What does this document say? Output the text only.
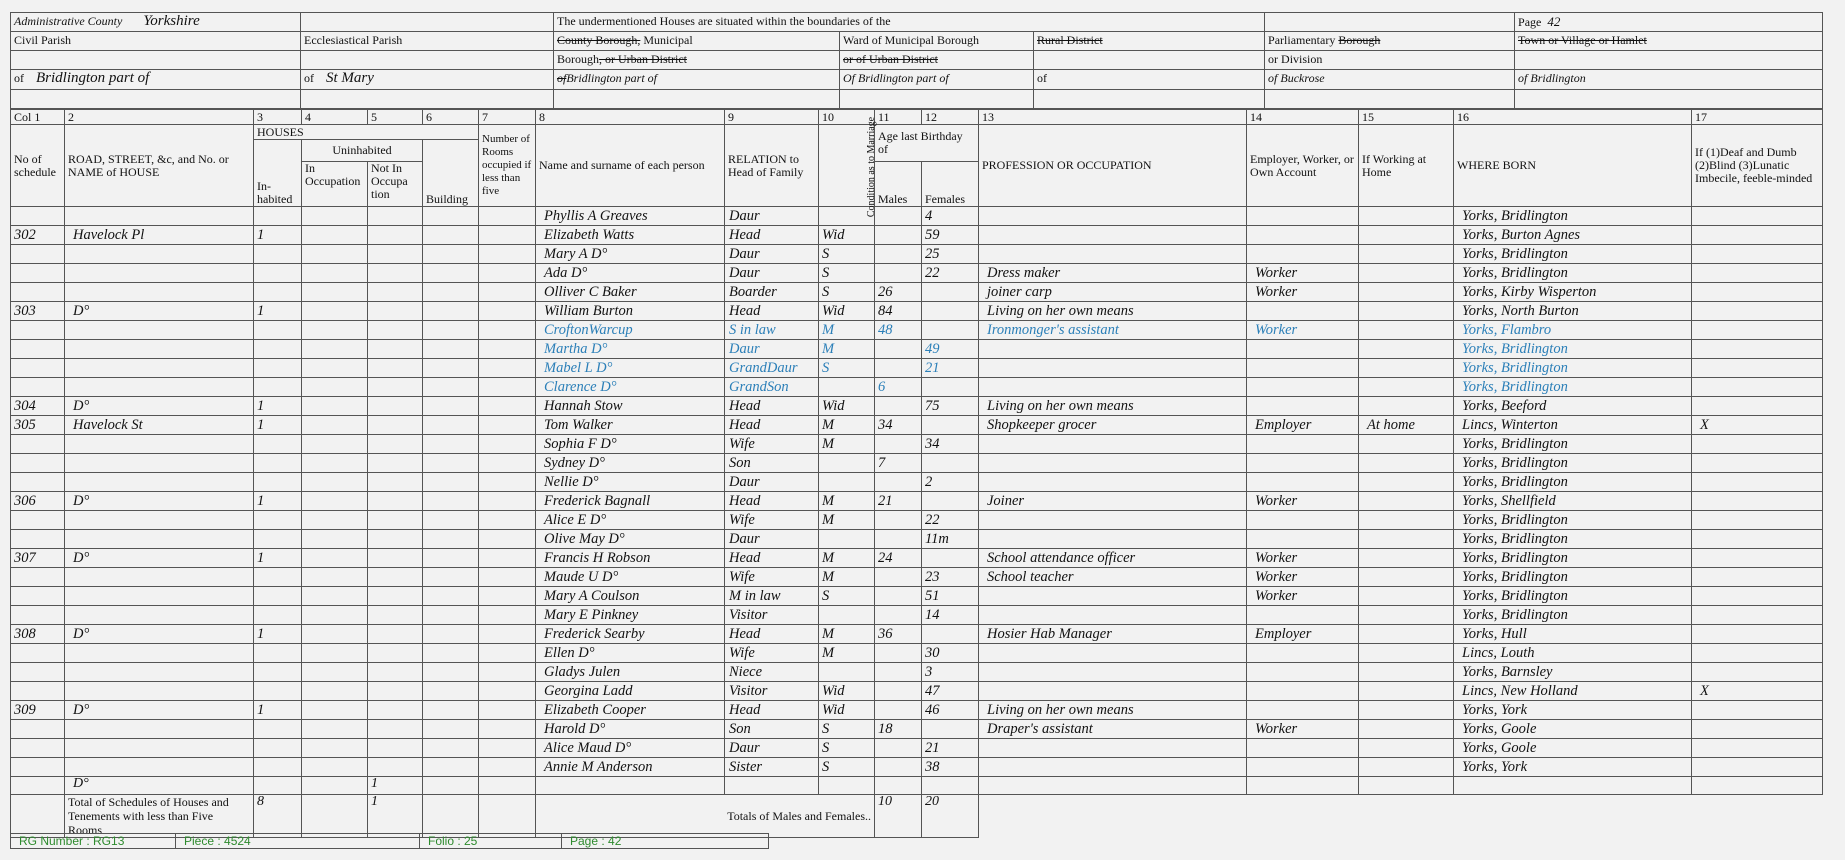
Administrative County Yorkshire		The undermentioned Houses are situated within the boundaries of the				Page 42
Civil Parish	Ecclesiastical Parish	County Borough, Municipal	Ward of Municipal Borough	Rural District	Parliamentary Borough	Town or Village or Hamlet
		Borough, or Urban District	or of Urban District		or Division	
of Bridlington part of	of St Mary	ofBridlington part of	Of Bridlington part of	of	of Buckrose	of Bridlington

Col 1	2	3	4	5	6	7	8	9	10	11	12	13	14	15	16	17
No of schedule	ROAD, STREET, &c, and No. or NAME of HOUSE	HOUSES				Number of Rooms occupied if less than five	Name and surname of each person	RELATION to Head of Family	Condition as to Marriage	Age last Birthday of		PROFESSION OR OCCUPATION	Employer, Worker, or Own Account	If Working at Home	WHERE BORN	If (1)Deaf and Dumb (2)Blind (3)Lunatic Imbecile, feeble-minded
		In-habited	Uninhabited		Building											
			In Occupation	Not In Occupa tion						Males	Females					
							Phyllis A Greaves	Daur			4				Yorks, Bridlington	
302	Havelock Pl	1					Elizabeth Watts	Head	Wid		59				Yorks, Burton Agnes	
							Mary A D°	Daur	S		25				Yorks, Bridlington	
							Ada D°	Daur	S		22	Dress maker	Worker		Yorks, Bridlington	
							Olliver C Baker	Boarder	S	26		joiner carp	Worker		Yorks, Kirby Wisperton	
303	D°	1					William Burton	Head	Wid	84		Living on her own means			Yorks, North Burton	
							CroftonWarcup	S in law	M	48		Ironmonger's assistant	Worker		Yorks, Flambro	
							Martha D°	Daur	M		49				Yorks, Bridlington	
							Mabel L D°	GrandDaur	S		21				Yorks, Bridlington	
							Clarence D°	GrandSon		6					Yorks, Bridlington	
304	D°	1					Hannah Stow	Head	Wid		75	Living on her own means			Yorks, Beeford	
305	Havelock St	1					Tom Walker	Head	M	34		Shopkeeper grocer	Employer	At home	Lincs, Winterton	X
							Sophia F D°	Wife	M		34				Yorks, Bridlington	
							Sydney D°	Son		7					Yorks, Bridlington	
							Nellie D°	Daur			2				Yorks, Bridlington	
306	D°	1					Frederick Bagnall	Head	M	21		Joiner	Worker		Yorks, Shellfield	
							Alice E D°	Wife	M		22				Yorks, Bridlington	
							Olive May D°	Daur			11m				Yorks, Bridlington	
307	D°	1					Francis H Robson	Head	M	24		School attendance officer	Worker		Yorks, Bridlington	
							Maude U D°	Wife	M		23	School teacher	Worker		Yorks, Bridlington	
							Mary A Coulson	M in law	S		51		Worker		Yorks, Bridlington	
							Mary E Pinkney	Visitor			14				Yorks, Bridlington	
308	D°	1					Frederick Searby	Head	M	36		Hosier Hab Manager	Employer		Yorks, Hull	
							Ellen D°	Wife	M		30				Lincs, Louth	
							Gladys Julen	Niece			3				Yorks, Barnsley	
							Georgina Ladd	Visitor	Wid		47				Lincs, New Holland	X
309	D°	1					Elizabeth Cooper	Head	Wid		46	Living on her own means			Yorks, York	
							Harold D°	Son	S	18		Draper's assistant	Worker		Yorks, Goole	
							Alice Maud D°	Daur	S		21				Yorks, Goole	
							Annie M Anderson	Sister	S		38				Yorks, York	
	D°			1												
	Total of Schedules of Houses and Tenements with less than Five Rooms	8		1			Totals of Males and Females..			10	20					
RG Number : RG13	Piece : 4524	Folio : 25	Page : 42
